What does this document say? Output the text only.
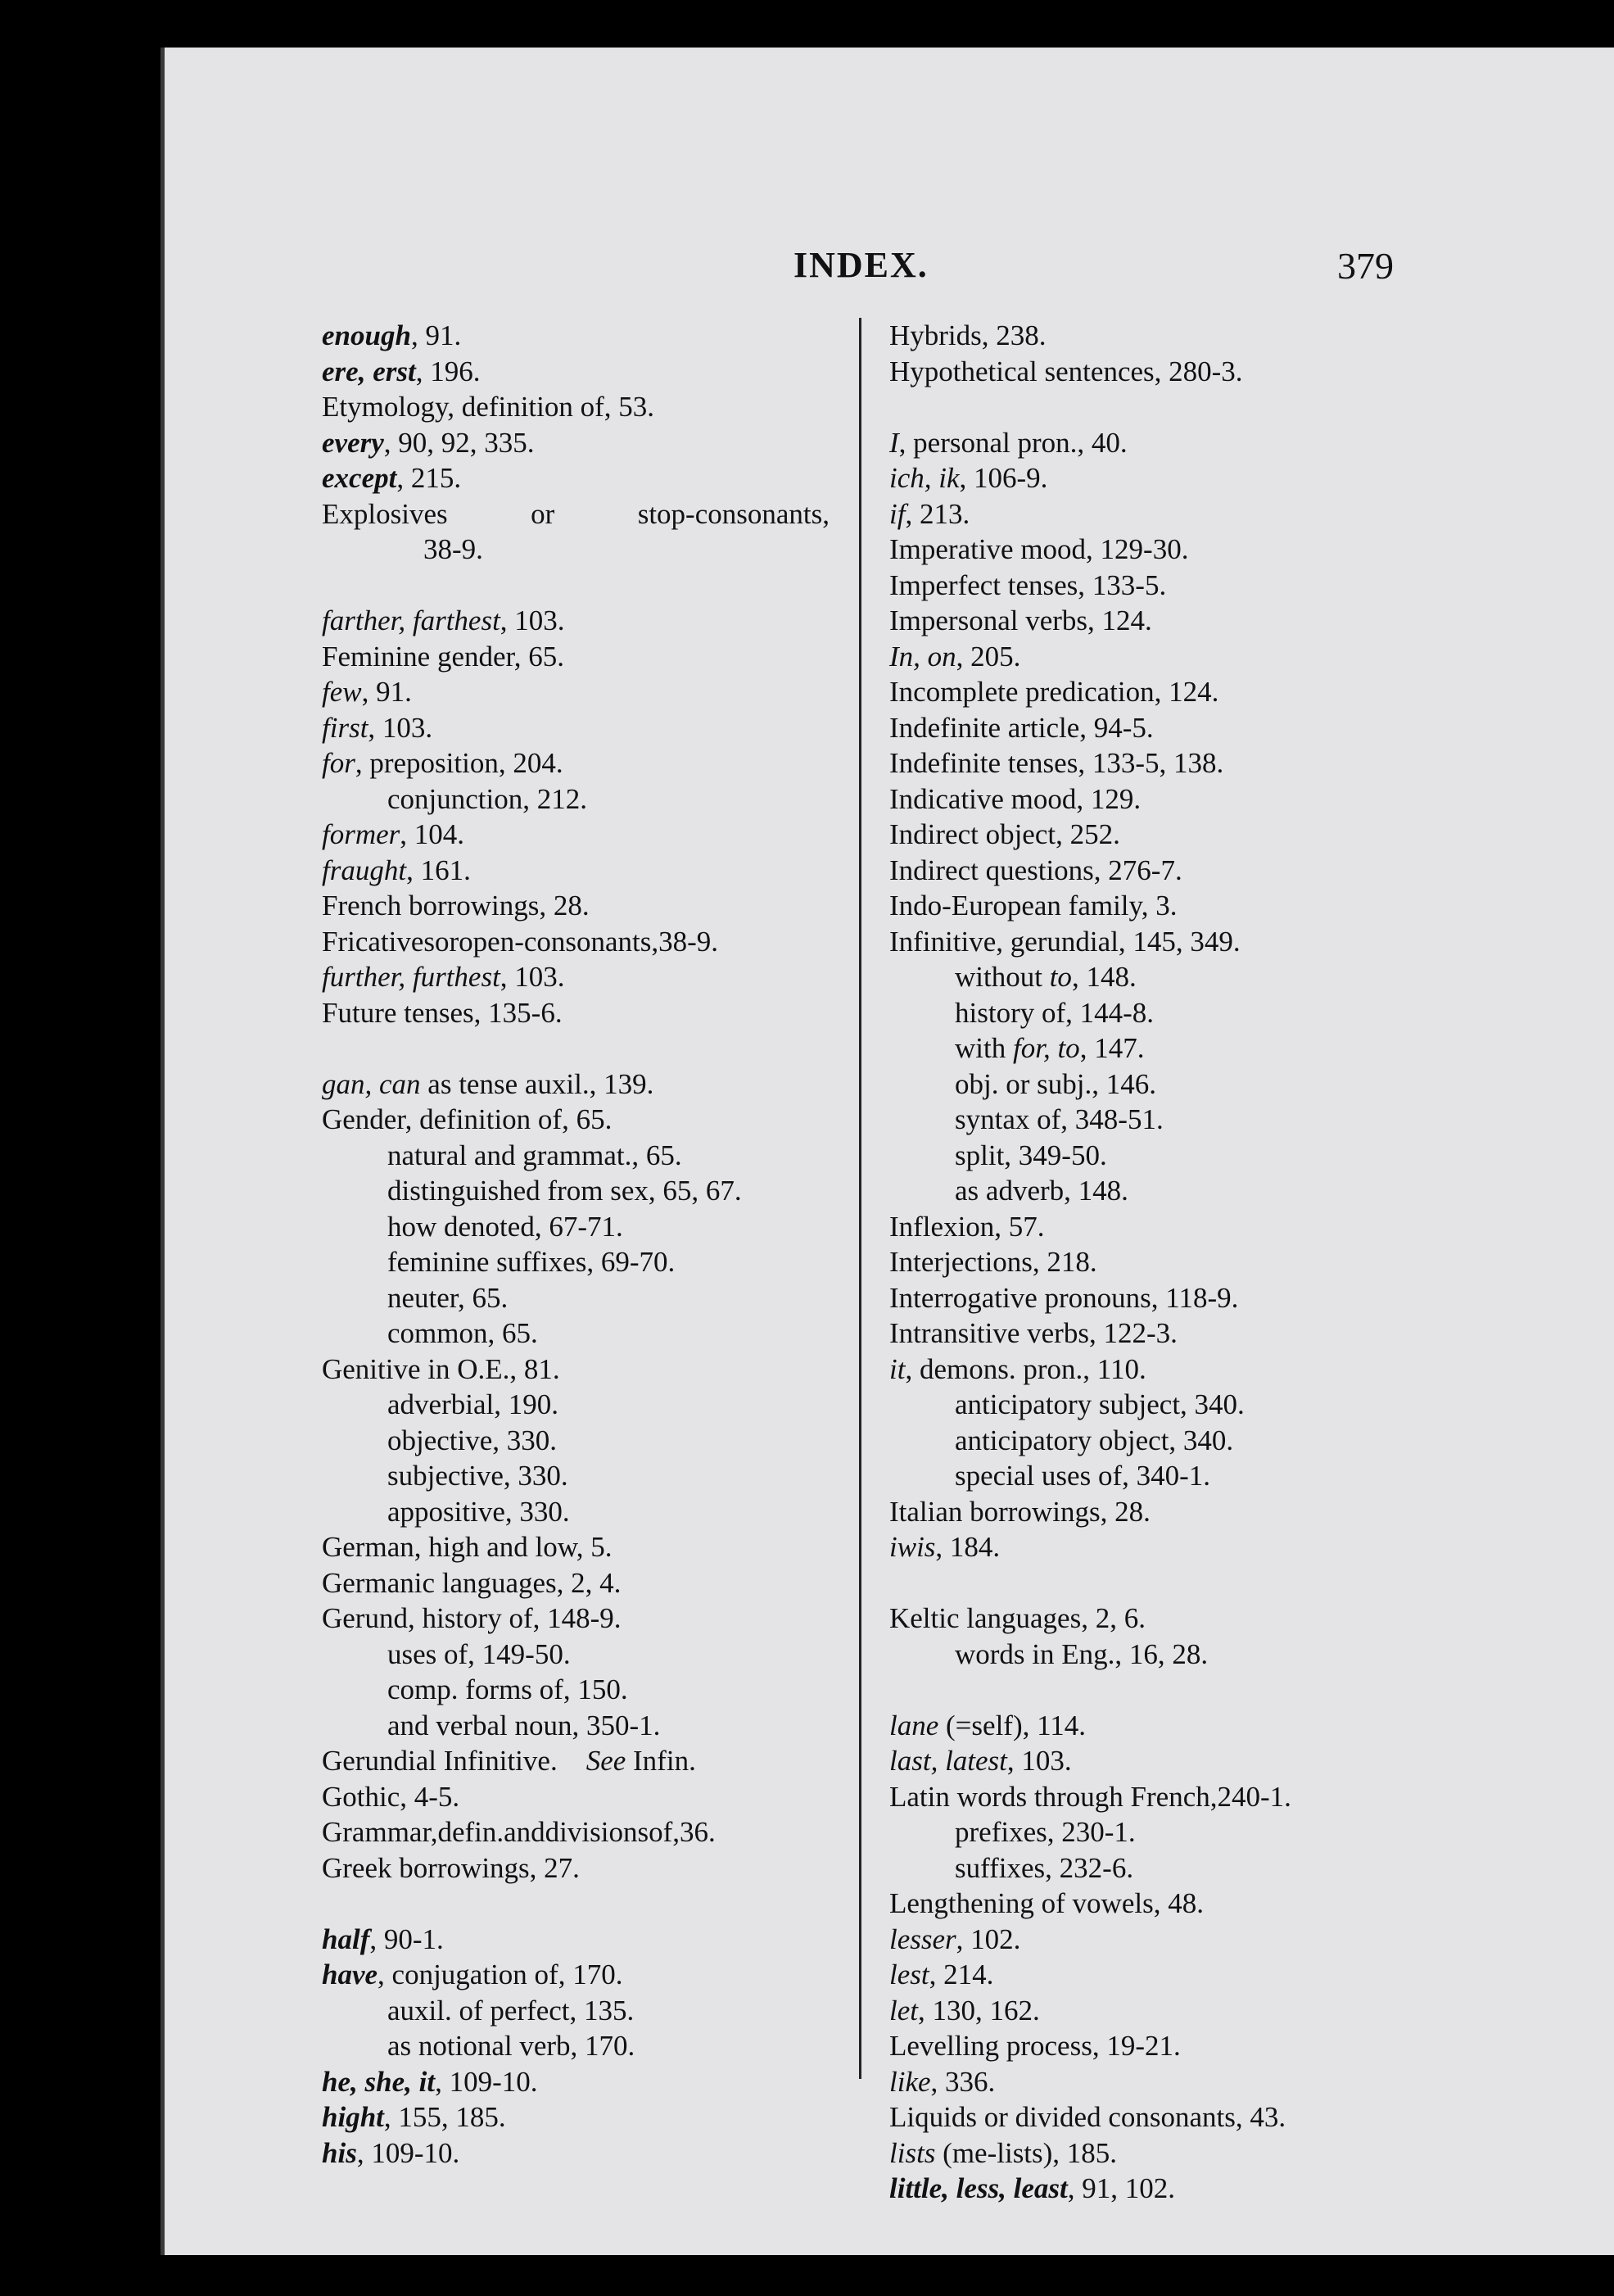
INDEX.	379
enough, 91.
ere, erst, 196.
Etymology, definition of, 53.
every, 90, 92, 335.
except, 215.
Explosives	or	stop-consonants,
38-9.
farther, farthest, 103.
Feminine gender, 65.
few, 91.
first, 103.
for, preposition, 204.
conjunction, 212.
former, 104.
fraught, 161.
French borrowings, 28.
Fricativesoropen-consonants,38-9.
further, furthest, 103.
Future tenses, 135-6.
gan, can as tense auxil., 139.
Gender, definition of, 65.
natural and grammat., 65.
distinguished from sex, 65, 67.
how denoted, 67-71.
feminine suffixes, 69-70.
neuter, 65.
common, 65.
Genitive in O.E., 81.
adverbial, 190.
objective, 330.
subjective, 330.
appositive, 330.
German, high and low, 5.
Germanic languages, 2, 4.
Gerund, history of, 148-9.
uses of, 149-50.
comp. forms of, 150.
and verbal noun, 350-1.
Gerundial Infinitive. See Infin.
Gothic, 4-5.
Grammar,defin.anddivisionsof,36.
Greek borrowings, 27.
half, 90-1.
have, conjugation of, 170.
auxil. of perfect, 135.
as notional verb, 170.
he, she, it, 109-10.
hight, 155, 185.
his, 109-10.
Hybrids, 238.
Hypothetical sentences, 280-3.
I, personal pron., 40.
ich, ik, 106-9.
if, 213.
Imperative mood, 129-30.
Imperfect tenses, 133-5.
Impersonal verbs, 124.
In, on, 205.
Incomplete predication, 124.
Indefinite article, 94-5.
Indefinite tenses, 133-5, 138.
Indicative mood, 129.
Indirect object, 252.
Indirect questions, 276-7.
Indo-European family, 3.
Infinitive, gerundial, 145, 349.
without to, 148.
history of, 144-8.
with for, to, 147.
obj. or subj., 146.
syntax of, 348-51.
split, 349-50.
as adverb, 148.
Inflexion, 57.
Interjections, 218.
Interrogative pronouns, 118-9.
Intransitive verbs, 122-3.
it, demons. pron., 110.
anticipatory subject, 340.
anticipatory object, 340.
special uses of, 340-1.
Italian borrowings, 28.
iwis, 184.
Keltic languages, 2, 6.
words in Eng., 16, 28.
lane (=self), 114.
last, latest, 103.
Latin words through French,240-1.
prefixes, 230-1.
suffixes, 232-6.
Lengthening of vowels, 48.
lesser, 102.
lest, 214.
let, 130, 162.
Levelling process, 19-21.
like, 336.
Liquids or divided consonants, 43.
lists (me-lists), 185.
little, less, least, 91, 102.
